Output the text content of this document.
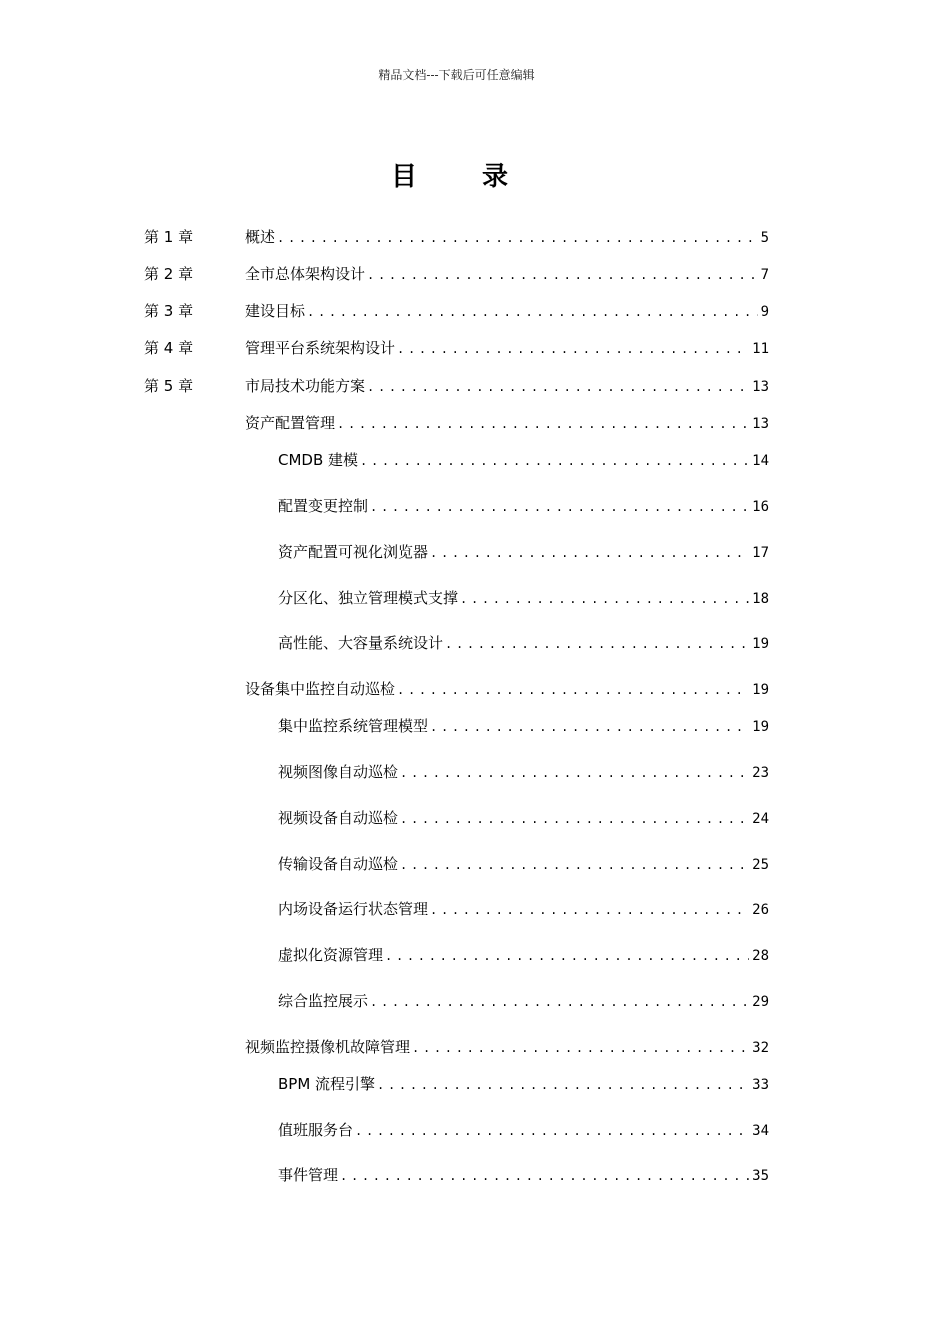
精品文档---下载后可任意编辑
目 录
第 1 章	概述 .....	5
第 2 章	全市总体架构设计 .....	7
第 3 章	建设目标 .....	9
第 4 章	管理平台系统架构设计 .....	11
第 5 章	市局技术功能方案 .....	13
资产配置管理 .....	13
CMDB 建模 .....	14
配置变更控制 .....	16
资产配置可视化浏览器 .....	17
分区化、独立管理模式支撑 .....	18
高性能、大容量系统设计 .....	19
设备集中监控自动巡检 .....	19
集中监控系统管理模型 .....	19
视频图像自动巡检 .....	23
视频设备自动巡检 .....	24
传输设备自动巡检 .....	25
内场设备运行状态管理 .....	26
虚拟化资源管理 .....	28
综合监控展示 .....	29
视频监控摄像机故障管理 .....	32
BPM 流程引擎 .....	33
值班服务台 .....	34
事件管理 .....	35
